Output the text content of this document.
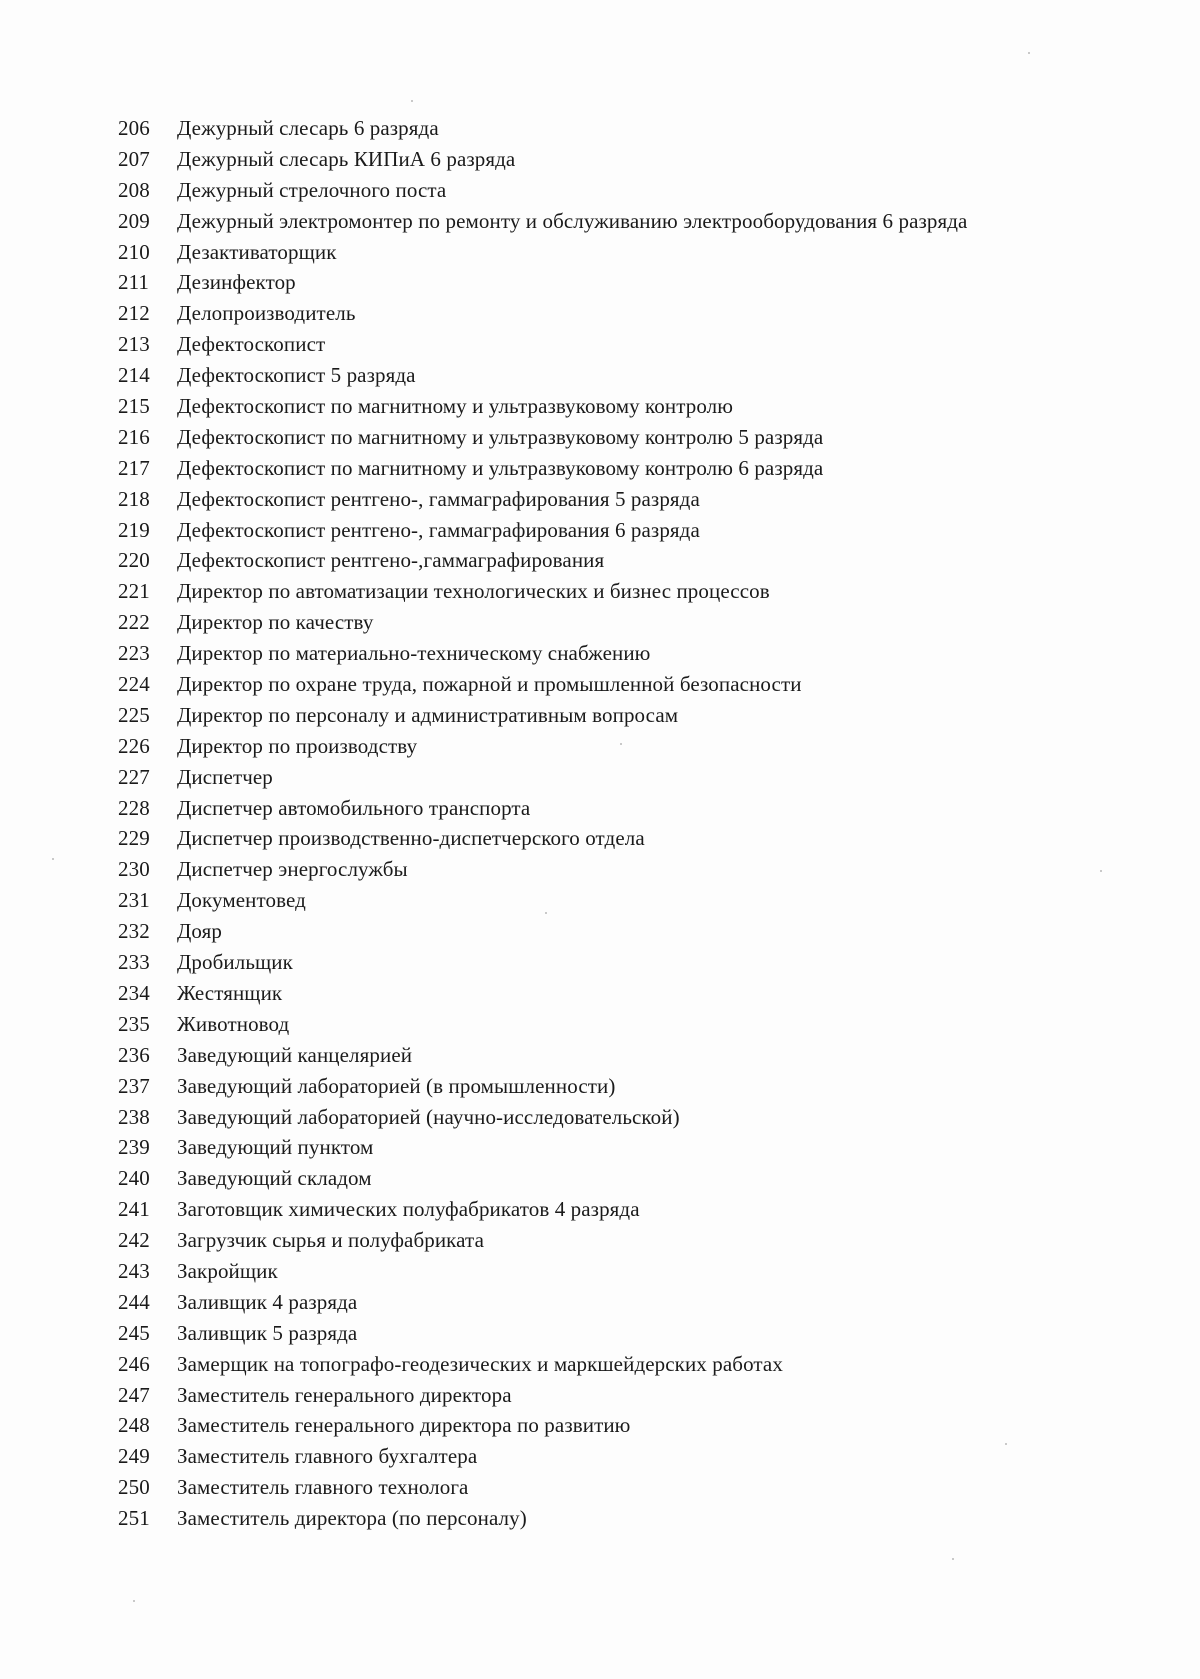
206	Дежурный слесарь 6 разряда
207	Дежурный слесарь КИПиА 6 разряда
208	Дежурный стрелочного поста
209	Дежурный электромонтер по ремонту и обслуживанию электрооборудования 6 разряда
210	Дезактиваторщик
211	Дезинфектор
212	Делопроизводитель
213	Дефектоскопист
214	Дефектоскопист 5 разряда
215	Дефектоскопист по магнитному и ультразвуковому контролю
216	Дефектоскопист по магнитному и ультразвуковому контролю 5 разряда
217	Дефектоскопист по магнитному и ультразвуковому контролю 6 разряда
218	Дефектоскопист рентгено-, гаммаграфирования 5 разряда
219	Дефектоскопист рентгено-, гаммаграфирования 6 разряда
220	Дефектоскопист рентгено-,гаммаграфирования
221	Директор по автоматизации технологических и бизнес процессов
222	Директор по качеству
223	Директор по материально-техническому снабжению
224	Директор по охране труда, пожарной и промышленной безопасности
225	Директор по персоналу и административным вопросам
226	Директор по производству
227	Диспетчер
228	Диспетчер автомобильного транспорта
229	Диспетчер производственно-диспетчерского отдела
230	Диспетчер энергослужбы
231	Документовед
232	Дояр
233	Дробильщик
234	Жестянщик
235	Животновод
236	Заведующий канцелярией
237	Заведующий лабораторией (в промышленности)
238	Заведующий лабораторией (научно-исследовательской)
239	Заведующий пунктом
240	Заведующий складом
241	Заготовщик химических полуфабрикатов 4 разряда
242	Загрузчик сырья и полуфабриката
243	Закройщик
244	Заливщик 4 разряда
245	Заливщик 5 разряда
246	Замерщик на топографо-геодезических и маркшейдерских работах
247	Заместитель генерального директора
248	Заместитель генерального директора по развитию
249	Заместитель главного бухгалтера
250	Заместитель главного технолога
251	Заместитель директора (по персоналу)
